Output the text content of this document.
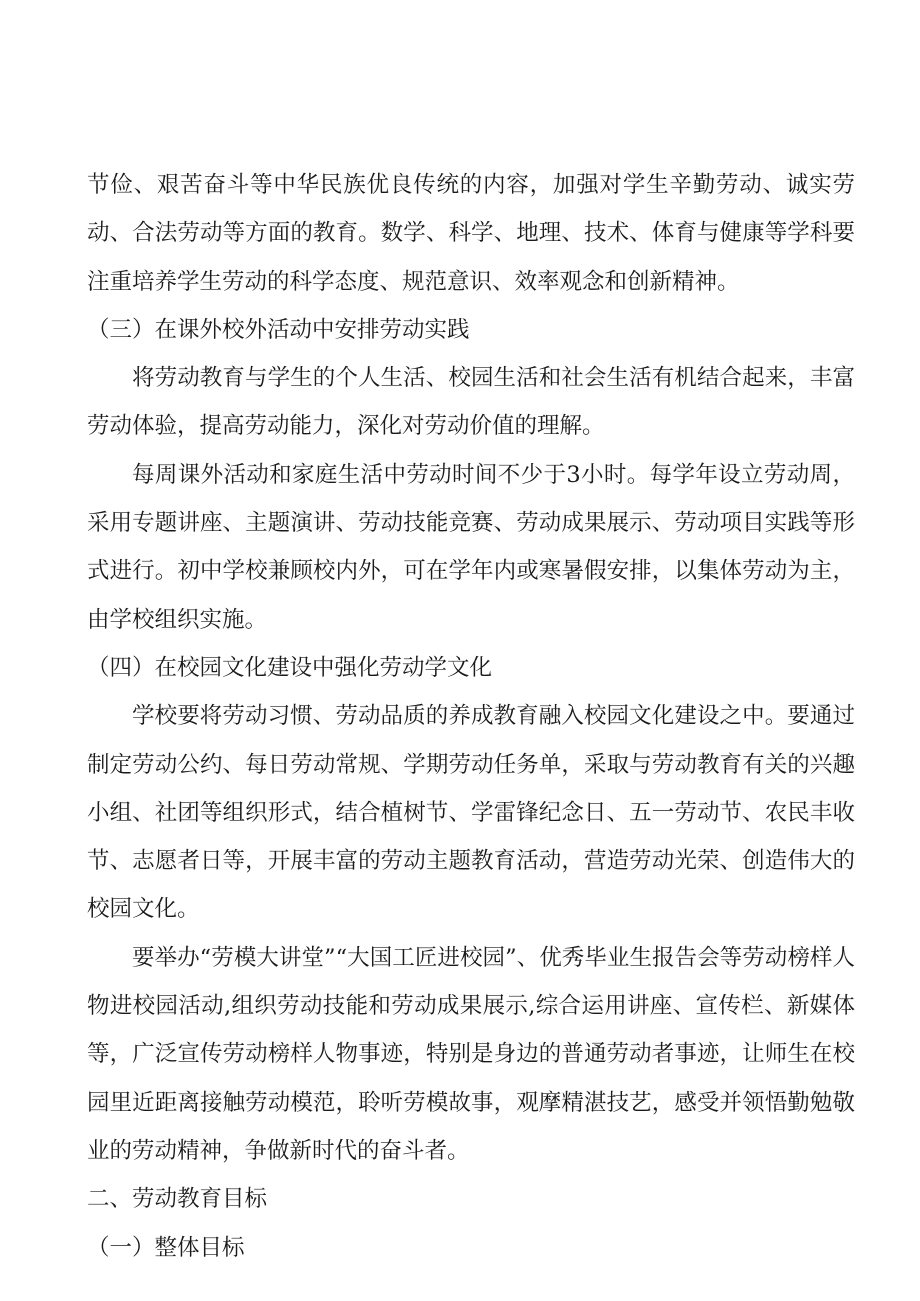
节俭、艰苦奋斗等中华民族优良传统的内容，加强对学生辛勤劳动、诚实劳动、合法劳动等方面的教育。数学、科学、地理、技术、体育与健康等学科要注重培养学生劳动的科学态度、规范意识、效率观念和创新精神。

（三）在课外校外活动中安排劳动实践

将劳动教育与学生的个人生活、校园生活和社会生活有机结合起来，丰富劳动体验，提高劳动能力，深化对劳动价值的理解。

每周课外活动和家庭生活中劳动时间不少于3小时。每学年设立劳动周，采用专题讲座、主题演讲、劳动技能竞赛、劳动成果展示、劳动项目实践等形式进行。初中学校兼顾校内外，可在学年内或寒暑假安排，以集体劳动为主，由学校组织实施。

（四）在校园文化建设中强化劳动学文化

学校要将劳动习惯、劳动品质的养成教育融入校园文化建设之中。要通过制定劳动公约、每日劳动常规、学期劳动任务单，采取与劳动教育有关的兴趣小组、社团等组织形式，结合植树节、学雷锋纪念日、五一劳动节、农民丰收节、志愿者日等，开展丰富的劳动主题教育活动，营造劳动光荣、创造伟大的校园文化。

要举办“劳模大讲堂”“大国工匠进校园”、优秀毕业生报告会等劳动榜样人物进校园活动,组织劳动技能和劳动成果展示,综合运用讲座、宣传栏、新媒体等，广泛宣传劳动榜样人物事迹，特别是身边的普通劳动者事迹，让师生在校园里近距离接触劳动模范，聆听劳模故事，观摩精湛技艺，感受并领悟勤勉敬业的劳动精神，争做新时代的奋斗者。

二、劳动教育目标

（一）整体目标
